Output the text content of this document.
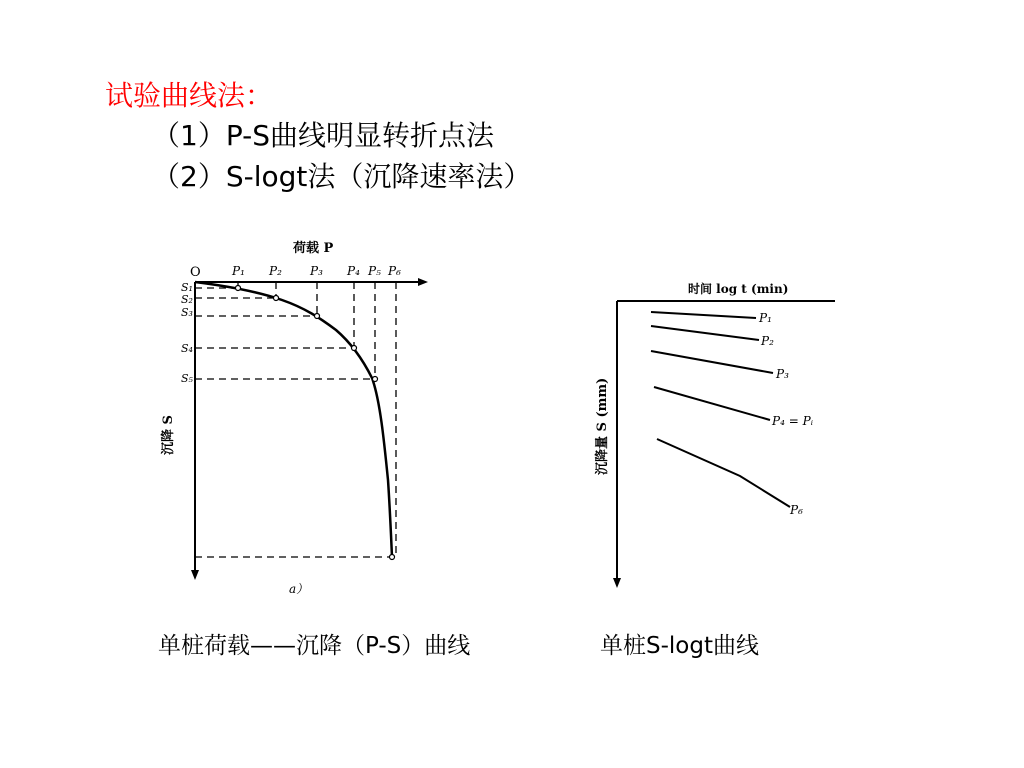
试验曲线法：
（1）P-S曲线明显转折点法
（2）S-logt法（沉降速率法）
荷载 P
O	P₁ P₂ P₃ P₄ P₅ P₆
S₁
S₂
S₃
S₄
S₅
沉降 S
a）
时间 log t (min)
沉降量 S (mm)
P₁
P₂
P₃
P₄ = Pᵢ
P₆
单桩荷载——沉降（P-S）曲线	单桩S-logt曲线
